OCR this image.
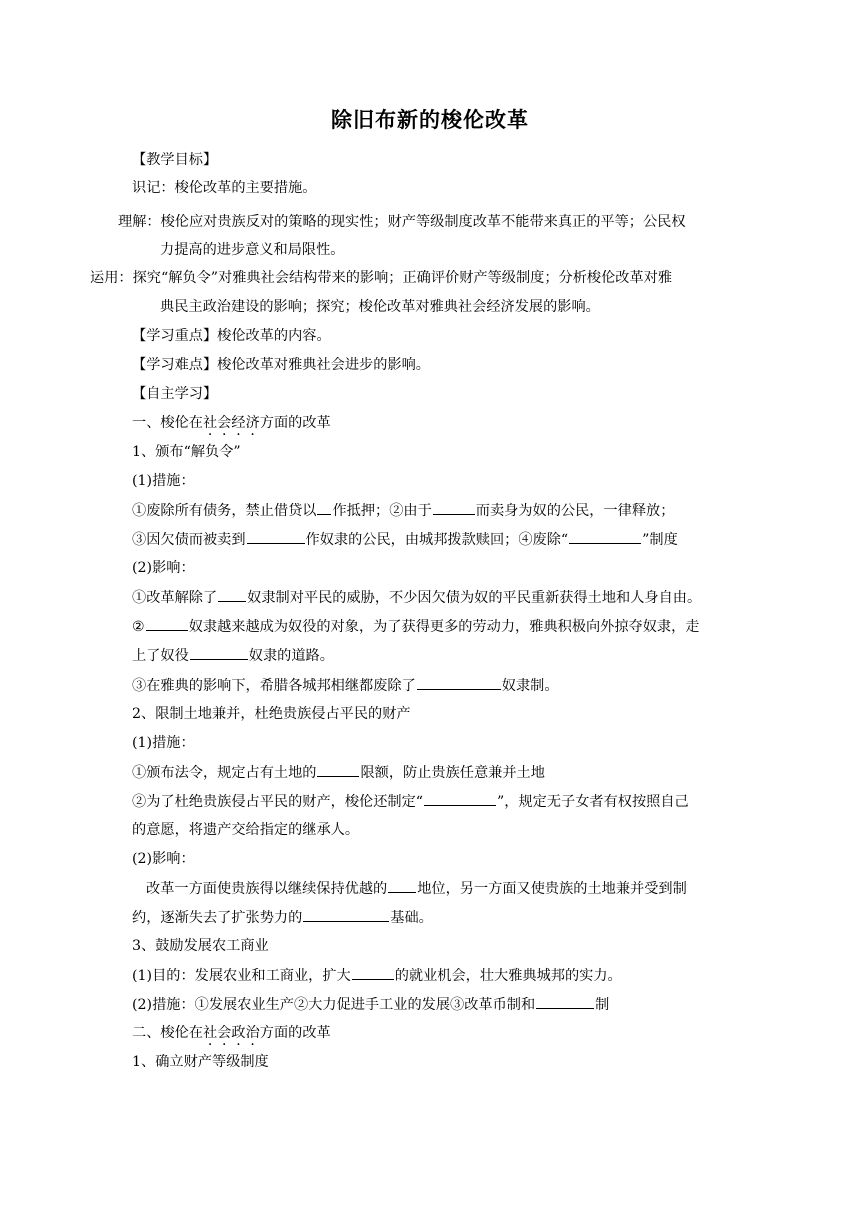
除旧布新的梭伦改革
【教学目标】
识记：梭伦改革的主要措施。
理解：梭伦应对贵族反对的策略的现实性；财产等级制度改革不能带来真正的平等；公民权
力提高的进步意义和局限性。
运用：探究“解负令”对雅典社会结构带来的影响；正确评价财产等级制度；分析梭伦改革对雅
典民主政治建设的影响；探究；梭伦改革对雅典社会经济发展的影响。
【学习重点】梭伦改革的内容。
【学习难点】梭伦改革对雅典社会进步的影响。
【自主学习】
一、梭伦在社会经济方面的改革
1、颁布“解负令”
(1)措施：
①废除所有债务，禁止借贷以 作抵押；②由于	而卖身为奴的公民，一律释放；
③因欠债而被卖到	作奴隶的公民，由城邦拨款赎回；④废除“	”制度
(2)影响：
①改革解除了 奴隶制对平民的威胁，不少因欠债为奴的平民重新获得土地和人身自由。
②	奴隶越来越成为奴役的对象，为了获得更多的劳动力，雅典积极向外掠夺奴隶，走
上了奴役	奴隶的道路。
③在雅典的影响下，希腊各城邦相继都废除了	奴隶制。
2、限制土地兼并，杜绝贵族侵占平民的财产
(1)措施：
①颁布法令，规定占有土地的	限额，防止贵族任意兼并土地
②为了杜绝贵族侵占平民的财产，梭伦还制定“	”，规定无子女者有权按照自己
的意愿，将遗产交给指定的继承人。
(2)影响：
改革一方面使贵族得以继续保持优越的 地位，另一方面又使贵族的土地兼并受到制
约，逐渐失去了扩张势力的	基础。
3、鼓励发展农工商业
(1)目的：发展农业和工商业，扩大	的就业机会，壮大雅典城邦的实力。
(2)措施：①发展农业生产②大力促进手工业的发展③改革币制和	制
二、梭伦在社会政治方面的改革
1、确立财产等级制度
